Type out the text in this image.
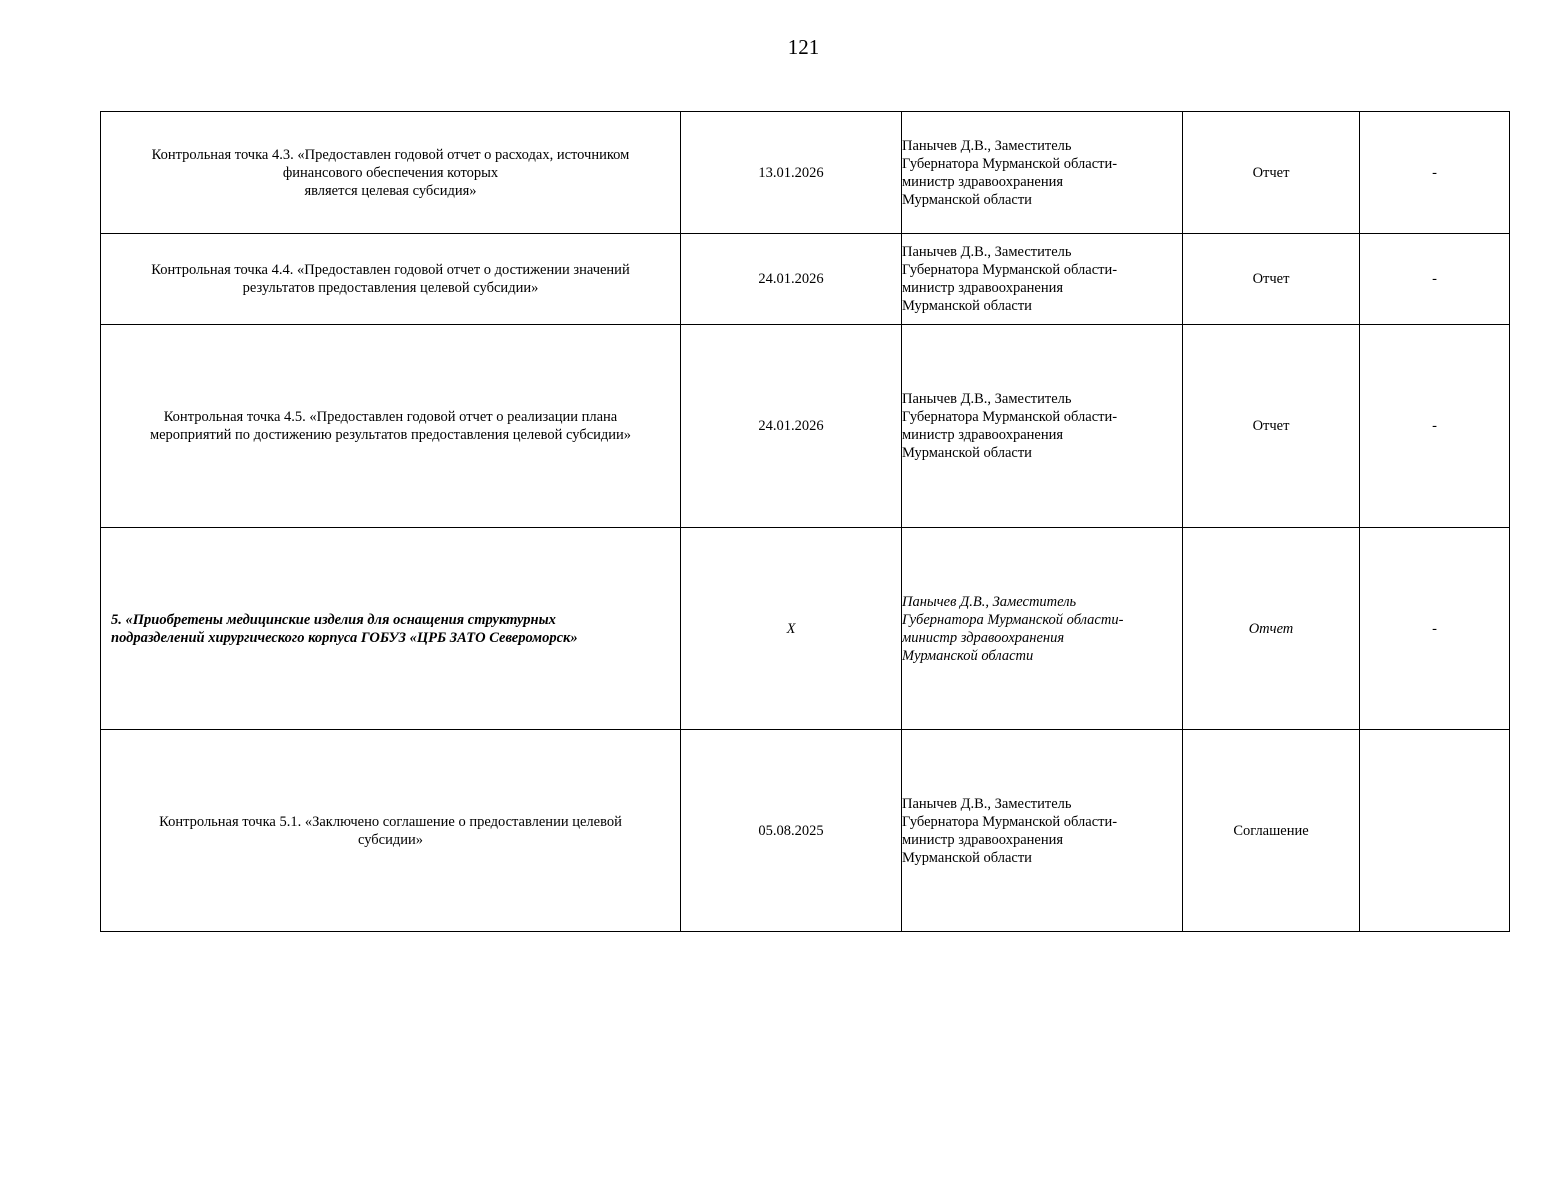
121
Контрольная точка 4.3. «Предоставлен годовой отчет о расходах, источником
финансового обеспечения которых
является целевая субсидия»	13.01.2026	Панычев Д.В., Заместитель
Губернатора Мурманской области-
министр здравоохранения
Мурманской области	Отчет	-

Контрольная точка 4.4. «Предоставлен годовой отчет о достижении значений
результатов предоставления целевой субсидии»	24.01.2026	Панычев Д.В., Заместитель
Губернатора Мурманской области-
министр здравоохранения
Мурманской области	Отчет	-

Контрольная точка 4.5. «Предоставлен годовой отчет о реализации плана
мероприятий по достижению результатов предоставления целевой субсидии»	24.01.2026	Панычев Д.В., Заместитель
Губернатора Мурманской области-
министр здравоохранения
Мурманской области	Отчет	-

5. «Приобретены медицинские изделия для оснащения структурных
подразделений хирургического корпуса ГОБУЗ «ЦРБ ЗАТО Североморск»	X	Панычев Д.В., Заместитель
Губернатора Мурманской области-
министр здравоохранения
Мурманской области	Отчет	-

Контрольная точка 5.1. «Заключено соглашение о предоставлении целевой
субсидии»	05.08.2025	Панычев Д.В., Заместитель
Губернатора Мурманской области-
министр здравоохранения
Мурманской области	Соглашение	
